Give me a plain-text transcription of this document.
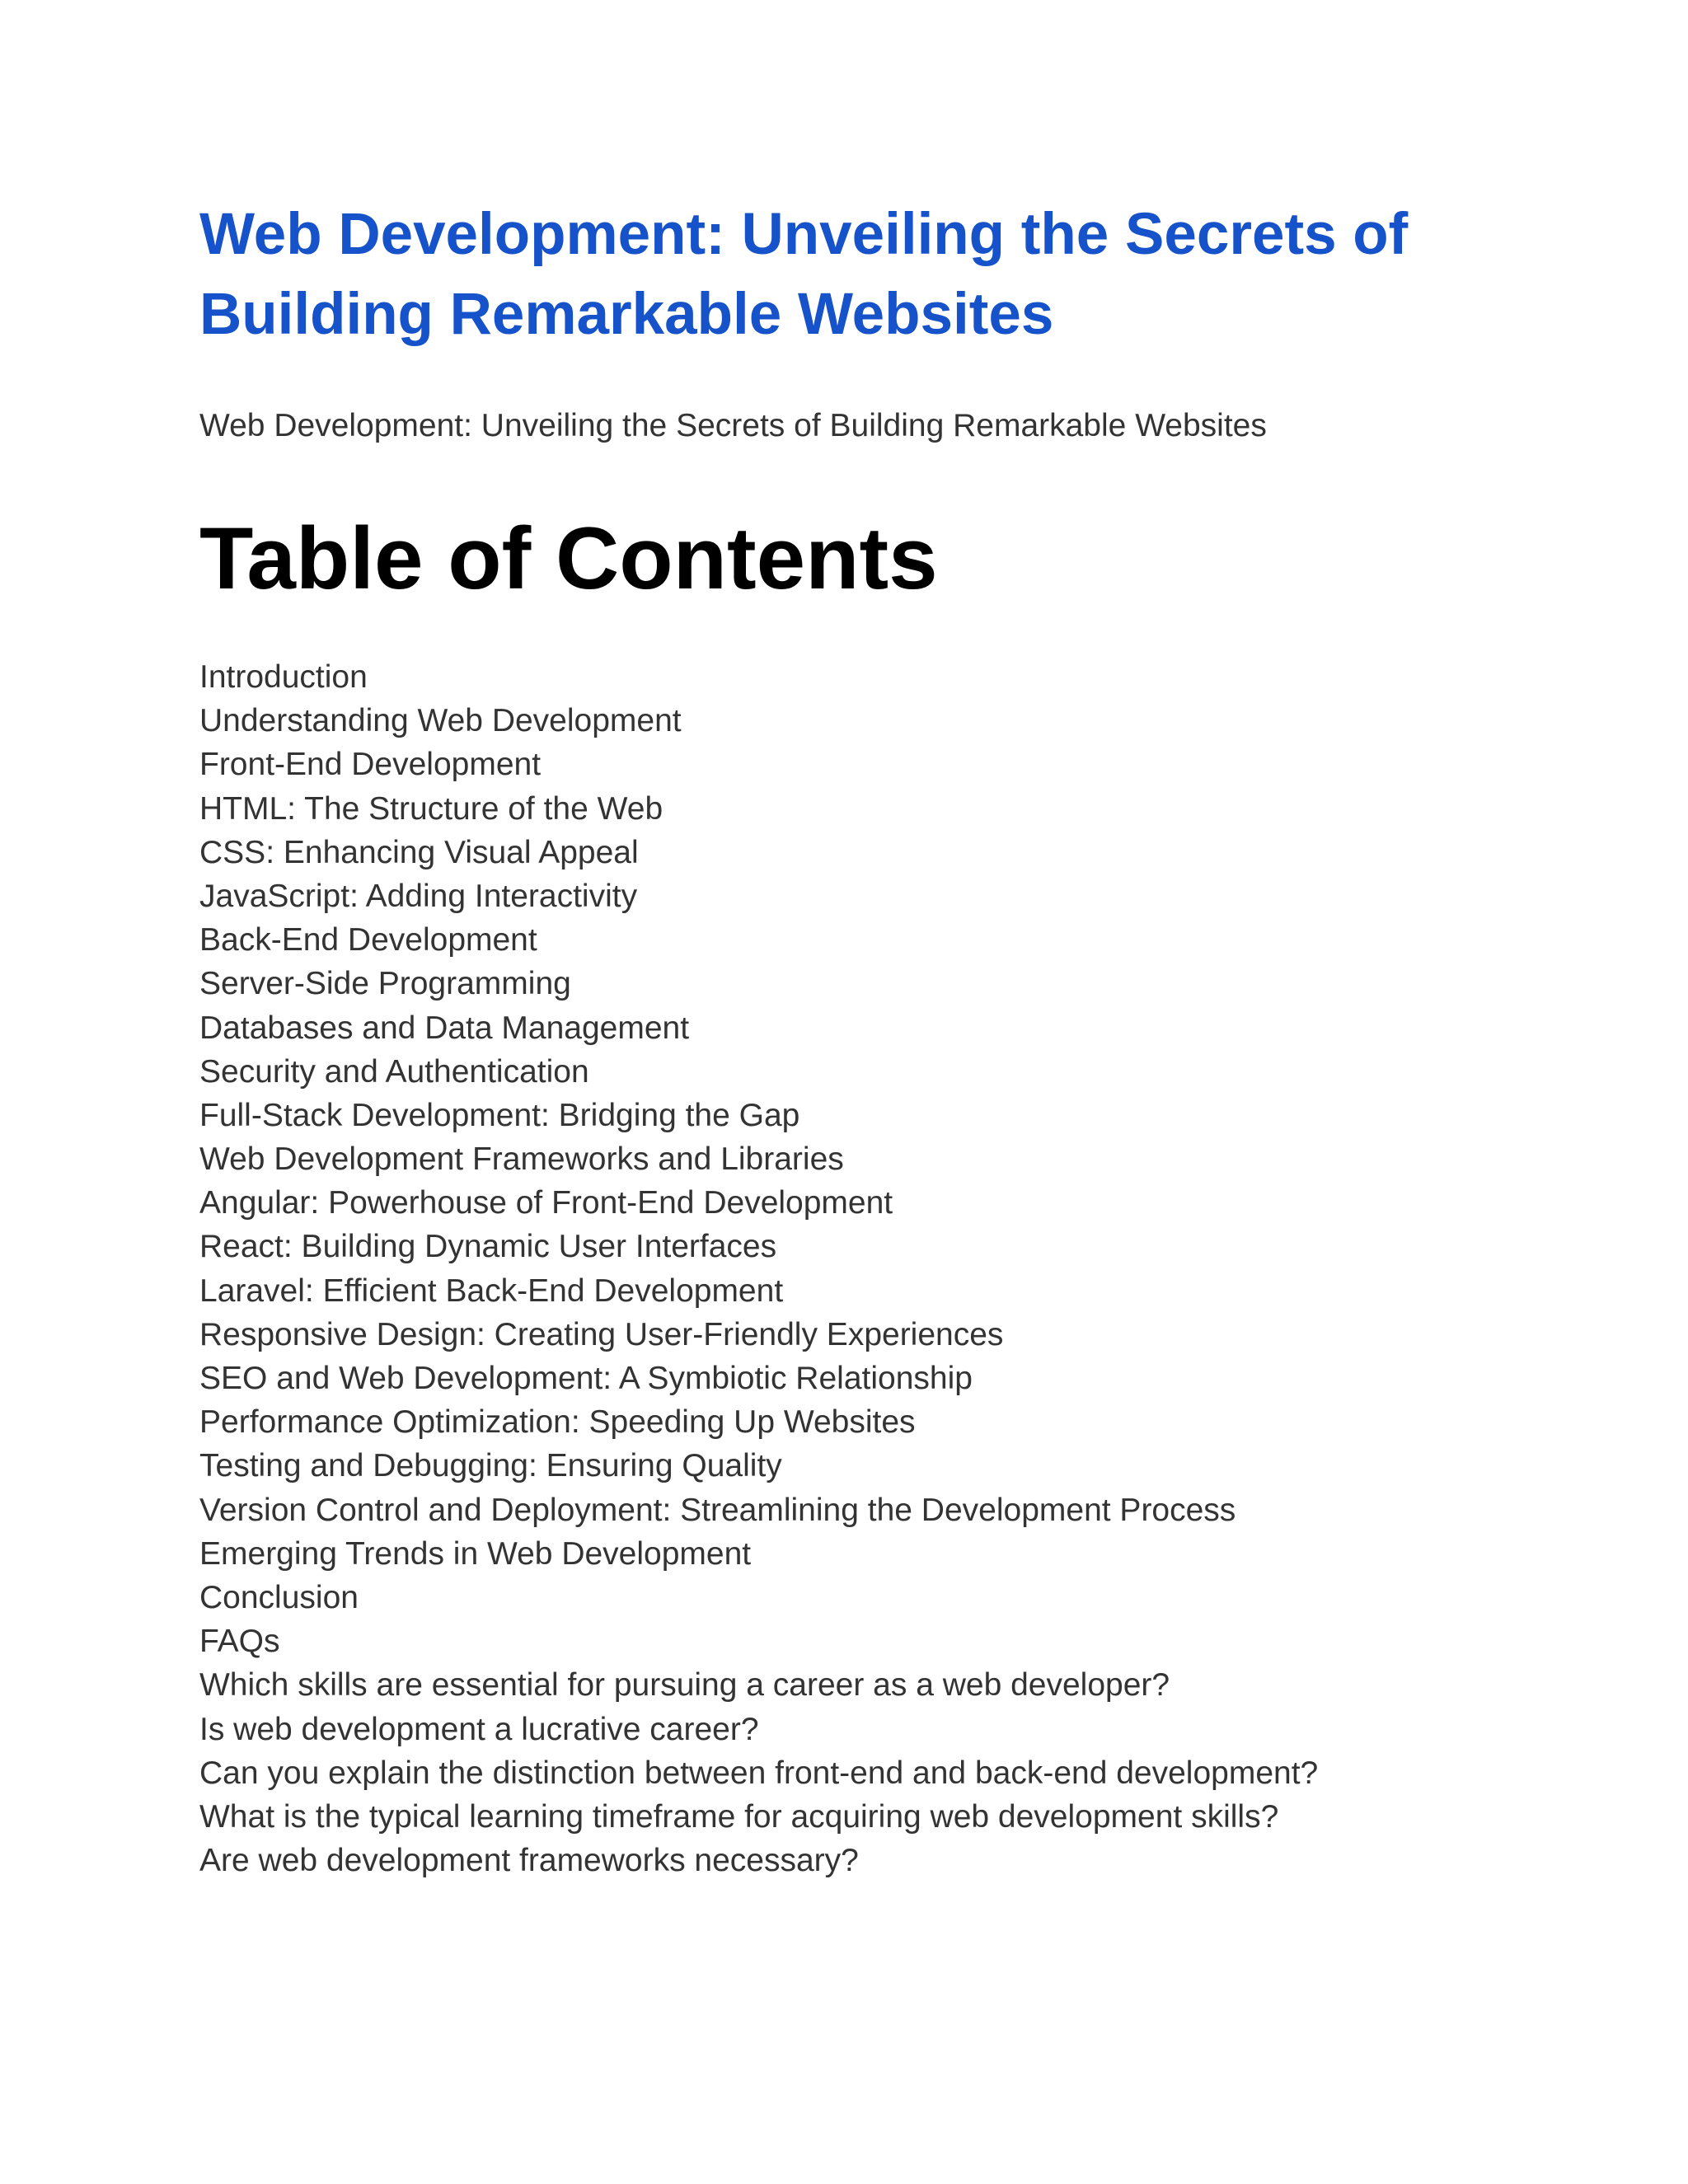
Web Development: Unveiling the Secrets of Building Remarkable Websites

Web Development: Unveiling the Secrets of Building Remarkable Websites

Table of Contents
Introduction
Understanding Web Development
Front-End Development
HTML: The Structure of the Web
CSS: Enhancing Visual Appeal
JavaScript: Adding Interactivity
Back-End Development
Server-Side Programming
Databases and Data Management
Security and Authentication
Full-Stack Development: Bridging the Gap
Web Development Frameworks and Libraries
Angular: Powerhouse of Front-End Development
React: Building Dynamic User Interfaces
Laravel: Efficient Back-End Development
Responsive Design: Creating User-Friendly Experiences
SEO and Web Development: A Symbiotic Relationship
Performance Optimization: Speeding Up Websites
Testing and Debugging: Ensuring Quality
Version Control and Deployment: Streamlining the Development Process
Emerging Trends in Web Development
Conclusion
FAQs
Which skills are essential for pursuing a career as a web developer?
Is web development a lucrative career?
Can you explain the distinction between front-end and back-end development?
What is the typical learning timeframe for acquiring web development skills?
Are web development frameworks necessary?
